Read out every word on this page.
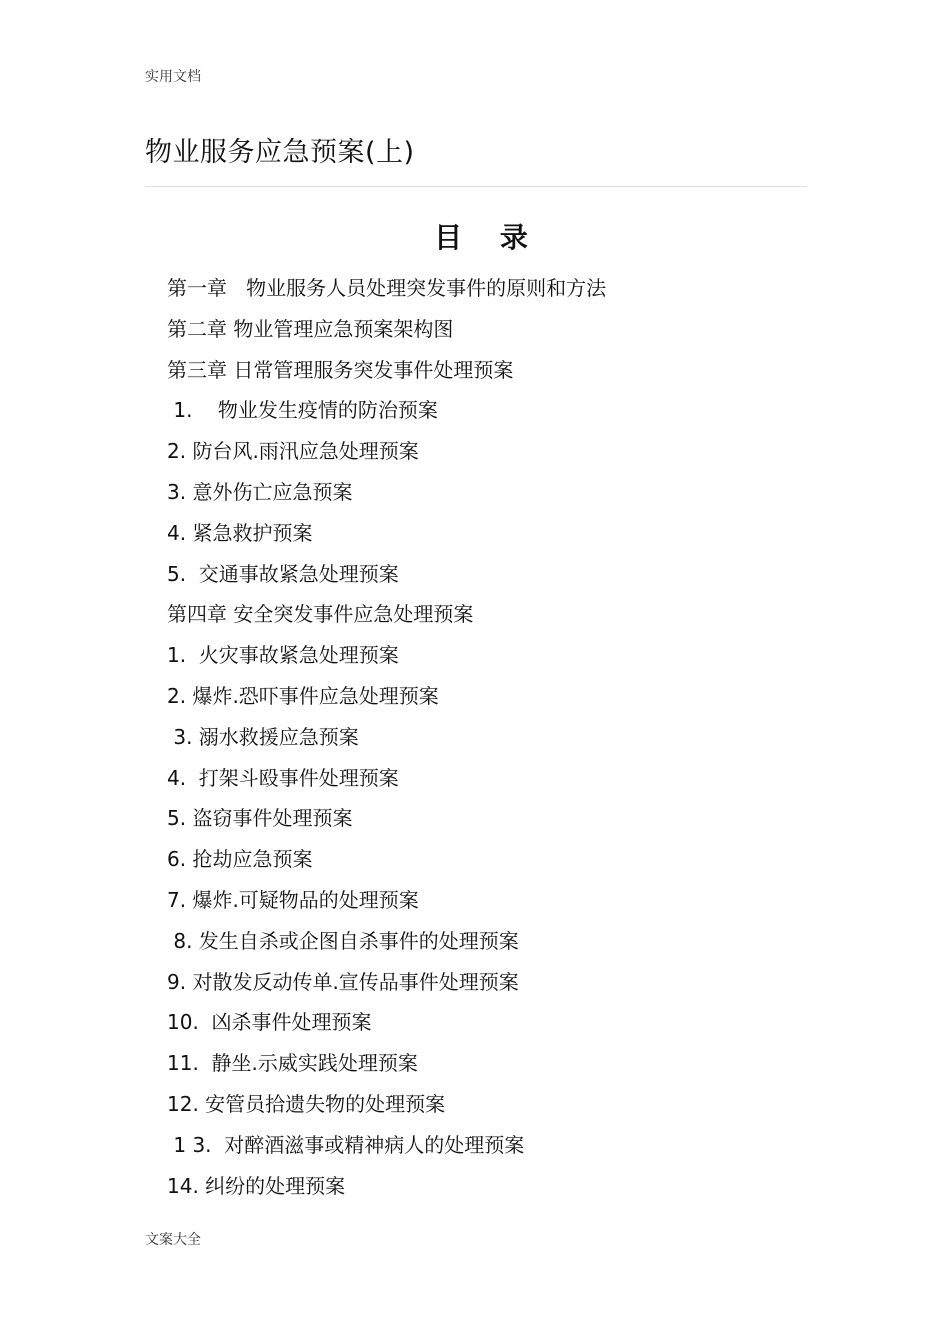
实用文档
物业服务应急预案(上)
目 录
第一章   物业服务人员处理突发事件的原则和方法
第二章 物业管理应急预案架构图
第三章 日常管理服务突发事件处理预案
1.    物业发生疫情的防治预案
2. 防台风.雨汛应急处理预案
3. 意外伤亡应急预案
4. 紧急救护预案
5.  交通事故紧急处理预案
第四章 安全突发事件应急处理预案
1.  火灾事故紧急处理预案
2. 爆炸.恐吓事件应急处理预案
3. 溺水救援应急预案
4.  打架斗殴事件处理预案
5. 盗窃事件处理预案
6. 抢劫应急预案
7. 爆炸.可疑物品的处理预案
8. 发生自杀或企图自杀事件的处理预案
9. 对散发反动传单.宣传品事件处理预案
10.  凶杀事件处理预案
11.  静坐.示威实践处理预案
12. 安管员拾遗失物的处理预案
1 3.  对醉酒滋事或精神病人的处理预案
14. 纠纷的处理预案
文案大全
